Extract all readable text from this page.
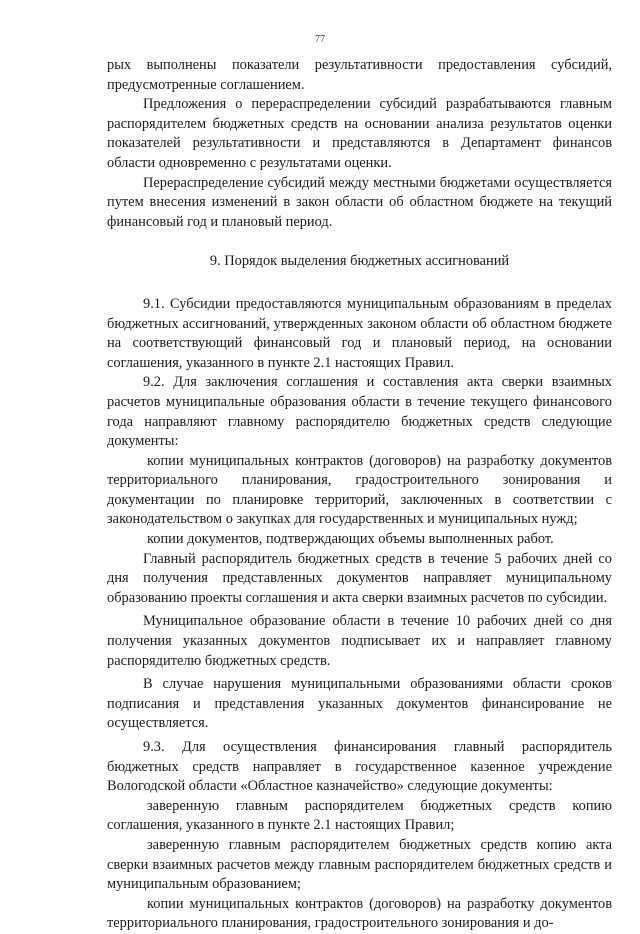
77

рых выполнены показатели результативности предоставления субсидий, предусмотренные соглашением.

Предложения о перераспределении субсидий разрабатываются главным распорядителем бюджетных средств на основании анализа результатов оценки показателей результативности и представляются в Департамент финансов области одновременно с результатами оценки.

Перераспределение субсидий между местными бюджетами осуществляется путем внесения изменений в закон области об областном бюджете на текущий финансовый год и плановый период.

9. Порядок выделения бюджетных ассигнований

9.1. Субсидии предоставляются муниципальным образованиям в пределах бюджетных ассигнований, утвержденных законом области об областном бюджете на соответствующий финансовый год и плановый период, на основании соглашения, указанного в пункте 2.1 настоящих Правил.

9.2. Для заключения соглашения и составления акта сверки взаимных расчетов муниципальные образования области в течение текущего финансового года направляют главному распорядителю бюджетных средств следующие документы:

копии муниципальных контрактов (договоров) на разработку документов территориального планирования, градостроительного зонирования и документации по планировке территорий, заключенных в соответствии с законодательством о закупках для государственных и муниципальных нужд;

копии документов, подтверждающих объемы выполненных работ.

Главный распорядитель бюджетных средств в течение 5 рабочих дней со дня получения представленных документов направляет муниципальному образованию проекты соглашения и акта сверки взаимных расчетов по субсидии.

Муниципальное образование области в течение 10 рабочих дней со дня получения указанных документов подписывает их и направляет главному распорядителю бюджетных средств.

В случае нарушения муниципальными образованиями области сроков подписания и представления указанных документов финансирование не осуществляется.

9.3. Для осуществления финансирования главный распорядитель бюджетных средств направляет в государственное казенное учреждение Вологодской области «Областное казначейство» следующие документы:

заверенную главным распорядителем бюджетных средств копию соглашения, указанного в пункте 2.1 настоящих Правил;

заверенную главным распорядителем бюджетных средств копию акта сверки взаимных расчетов между главным распорядителем бюджетных средств и муниципальным образованием;

копии муниципальных контрактов (договоров) на разработку документов территориального планирования, градостроительного зонирования и до-
